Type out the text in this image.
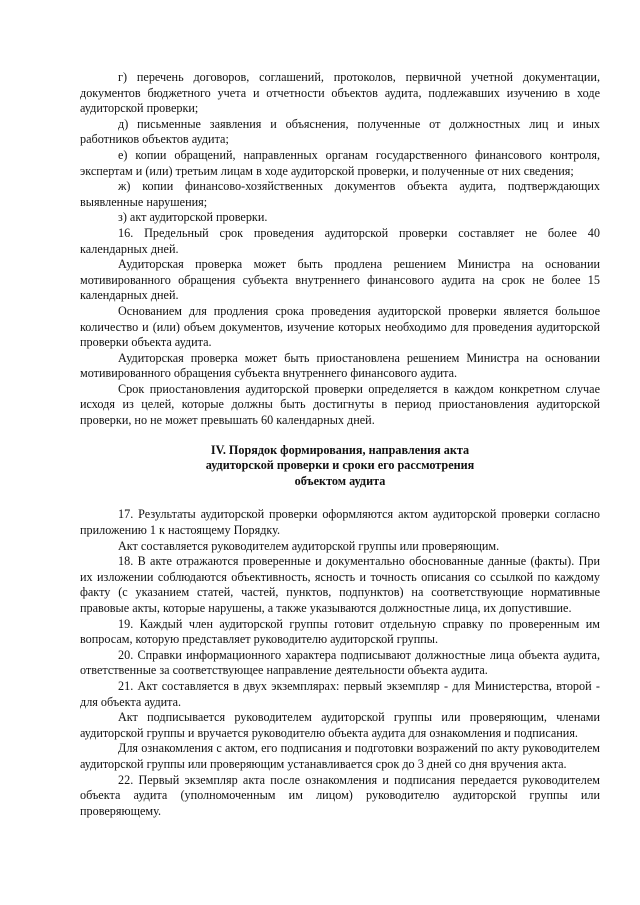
г) перечень договоров, соглашений, протоколов, первичной учетной документации, документов бюджетного учета и отчетности объектов аудита, подлежавших изучению в ходе аудиторской проверки;

д) письменные заявления и объяснения, полученные от должностных лиц и иных работников объектов аудита;

е) копии обращений, направленных органам государственного финансового контроля, экспертам и (или) третьим лицам в ходе аудиторской проверки, и полученные от них сведения;

ж) копии финансово-хозяйственных документов объекта аудита, подтверждающих выявленные нарушения;

з) акт аудиторской проверки.

16. Предельный срок проведения аудиторской проверки составляет не более 40 календарных дней.

Аудиторская проверка может быть продлена решением Министра на основании мотивированного обращения субъекта внутреннего финансового аудита на срок не более 15 календарных дней.

Основанием для продления срока проведения аудиторской проверки является большое количество и (или) объем документов, изучение которых необходимо для проведения аудиторской проверки объекта аудита.

Аудиторская проверка может быть приостановлена решением Министра на основании мотивированного обращения субъекта внутреннего финансового аудита.

Срок приостановления аудиторской проверки определяется в каждом конкретном случае исходя из целей, которые должны быть достигнуты в период приостановления аудиторской проверки, но не может превышать 60 календарных дней.

IV. Порядок формирования, направления акта
аудиторской проверки и сроки его рассмотрения
объектом аудита

17. Результаты аудиторской проверки оформляются актом аудиторской проверки согласно приложению 1 к настоящему Порядку.

Акт составляется руководителем аудиторской группы или проверяющим.

18. В акте отражаются проверенные и документально обоснованные данные (факты). При их изложении соблюдаются объективность, ясность и точность описания со ссылкой по каждому факту (с указанием статей, частей, пунктов, подпунктов) на соответствующие нормативные правовые акты, которые нарушены, а также указываются должностные лица, их допустившие.

19. Каждый член аудиторской группы готовит отдельную справку по проверенным им вопросам, которую представляет руководителю аудиторской группы.

20. Справки информационного характера подписывают должностные лица объекта аудита, ответственные за соответствующее направление деятельности объекта аудита.

21. Акт составляется в двух экземплярах: первый экземпляр - для Министерства, второй - для объекта аудита.

Акт подписывается руководителем аудиторской группы или проверяющим, членами аудиторской группы и вручается руководителю объекта аудита для ознакомления и подписания.

Для ознакомления с актом, его подписания и подготовки возражений по акту руководителем аудиторской группы или проверяющим устанавливается срок до 3 дней со дня вручения акта.

22. Первый экземпляр акта после ознакомления и подписания передается руководителем объекта аудита (уполномоченным им лицом) руководителю аудиторской группы или проверяющему.
